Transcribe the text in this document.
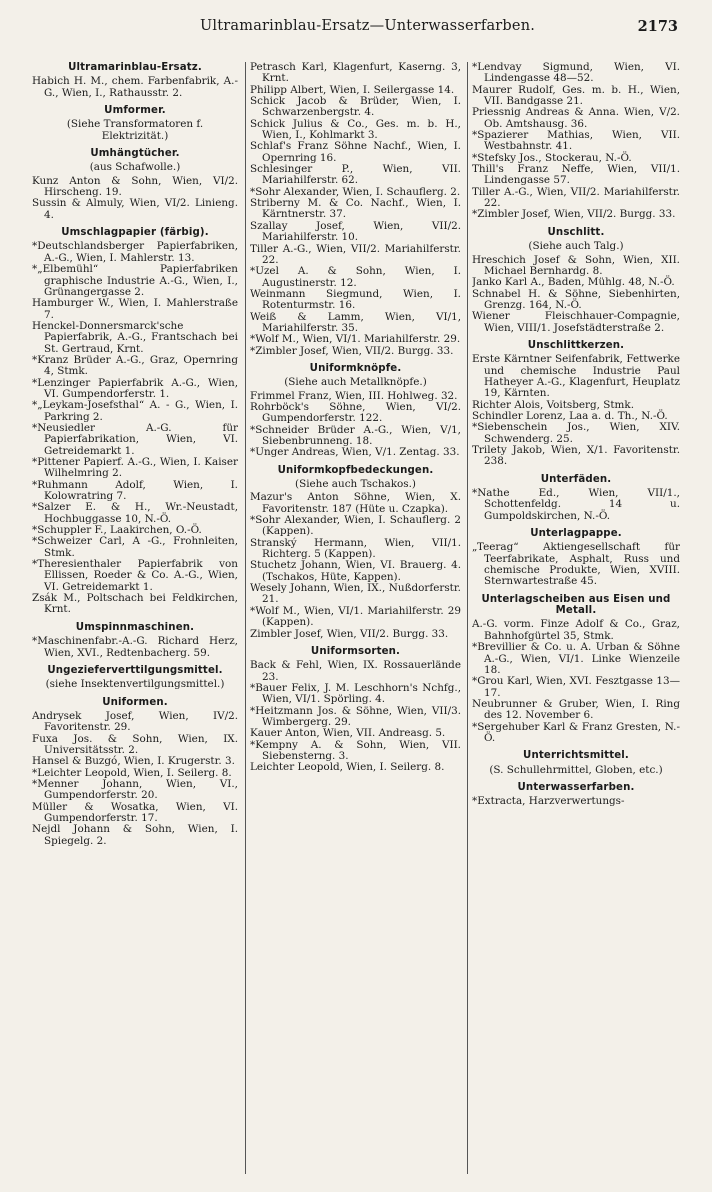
Ultramarinblau-Ersatz—Unterwasserfarben.	2173
Ultramarinblau-Ersatz.
Habich H. M., chem. Farbenfabrik, A.-G., Wien, I., Rathausstr. 2.
Umformer.
(Siehe Transformatoren f. Elektrizität.)
Umhängtücher.
(aus Schafwolle.)
Kunz Anton & Sohn, Wien, VI/2. Hirscheng. 19.
Sussin & Almuly, Wien, VI/2. Linieng. 4.
Umschlagpapier (färbig).
*Deutschlandsberger Papierfabriken, A.-G., Wien, I. Mahlerstr. 13.
*„Elbemühl“ Papierfabriken graphische Industrie A.-G., Wien, I., Grünangergasse 2.
Hamburger W., Wien, I. Mahlerstraße 7.
Henckel-Donnersmarck'sche Papierfabrik, A.-G., Frantschach bei St. Gertraud, Krnt.
*Kranz Brüder A.-G., Graz, Opernring 4, Stmk.
*Lenzinger Papierfabrik A.-G., Wien, VI. Gumpendorferstr. 1.
*„Leykam-Josefsthal“ A. - G., Wien, I. Parkring 2.
*Neusiedler A.-G. für Papierfabrikation, Wien, VI. Getreidemarkt 1.
*Pittener Papierf. A.-G., Wien, I. Kaiser Wilhelmring 2.
*Ruhmann Adolf, Wien, I. Kolowratring 7.
*Salzer E. & H., Wr.-Neustadt, Hochbuggasse 10, N.-Ö.
*Schuppler F., Laakirchen, O.-Ö.
*Schweizer Carl, A -G., Frohnleiten, Stmk.
*Theresienthaler Papierfabrik von Ellissen, Roeder & Co. A.-G., Wien, VI. Getreidemarkt 1.
Zsák M., Poltschach bei Feldkirchen, Krnt.
Umspinnmaschinen.
*Maschinenfabr.-A.-G. Richard Herz, Wien, XVI., Redtenbacherg. 59.
Ungezieferverttilgungsmittel.
(siehe Insektenvertilgungsmittel.)
Uniformen.
Andrysek Josef, Wien, IV/2. Favoritenstr. 29.
Fuxa Jos. & Sohn, Wien, IX. Universitätsstr. 2.
Hansel & Buzgó, Wien, I. Krugerstr. 3.
*Leichter Leopold, Wien, I. Seilerg. 8.
*Menner Johann, Wien, VI., Gumpendorferstr. 20.
Müller & Wosatka, Wien, VI. Gumpendorferstr. 17.
Nejdl Johann & Sohn, Wien, I. Spiegelg. 2.
Petrasch Karl, Klagenfurt, Kaserng. 3, Krnt.
Philipp Albert, Wien, I. Seilergasse 14.
Schick Jacob & Brüder, Wien, I. Schwarzenbergstr. 4.
Schick Julius & Co., Ges. m. b. H., Wien, I., Kohlmarkt 3.
Schlaf's Franz Söhne Nachf., Wien, I. Opernring 16.
Schlesinger P., Wien, VII. Mariahilferstr. 62.
*Sohr Alexander, Wien, I. Schauflerg. 2.
Striberny M. & Co. Nachf., Wien, I. Kärntnerstr. 37.
Szallay Josef, Wien, VII/2. Mariahilferstr. 10.
Tiller A.-G., Wien, VII/2. Mariahilferstr. 22.
*Uzel A. & Sohn, Wien, I. Augustinerstr. 12.
Weinmann Siegmund, Wien, I. Rotenturmstr. 16.
Weiß & Lamm, Wien, VI/1, Mariahilferstr. 35.
*Wolf M., Wien, VI/1. Mariahilferstr. 29.
*Zimbler Josef, Wien, VII/2. Burgg. 33.
Uniformknöpfe.
(Siehe auch Metallknöpfe.)
Frimmel Franz, Wien, III. Hohlweg. 32.
Rohrböck's Söhne, Wien, VI/2. Gumpendorferstr. 122.
*Schneider Brüder A.-G., Wien, V/1, Siebenbrunneng. 18.
*Unger Andreas, Wien, V/1. Zentag. 33.
Uniformkopfbedeckungen.
(Siehe auch Tschakos.)
Mazur's Anton Söhne, Wien, X. Favoritenstr. 187 (Hüte u. Czapka).
*Sohr Alexander, Wien, I. Schauflerg. 2 (Kappen).
Stranský Hermann, Wien, VII/1. Richterg. 5 (Kappen).
Stuchetz Johann, Wien, VI. Brauerg. 4. (Tschakos, Hüte, Kappen).
Wesely Johann, Wien, IX., Nußdorferstr. 21.
*Wolf M., Wien, VI/1. Mariahilferstr. 29 (Kappen).
Zimbler Josef, Wien, VII/2. Burgg. 33.
Uniformsorten.
Back & Fehl, Wien, IX. Rossauerlände 23.
*Bauer Felix, J. M. Leschhorn's Nchfg., Wien, VI/1. Spörling. 4.
*Heitzmann Jos. & Söhne, Wien, VII/3. Wimbergerg. 29.
Kauer Anton, Wien, VII. Andreasg. 5.
*Kempny A. & Sohn, Wien, VII. Siebensterng. 3.
Leichter Leopold, Wien, I. Seilerg. 8.
*Lendvay Sigmund, Wien, VI. Lindengasse 48—52.
Maurer Rudolf, Ges. m. b. H., Wien, VII. Bandgasse 21.
Priessnig Andreas & Anna. Wien, V/2. Ob. Amtshausg. 36.
*Spazierer Mathias, Wien, VII. Westbahnstr. 41.
*Stefsky Jos., Stockerau, N.-Ö.
Thill's Franz Neffe, Wien, VII/1. Lindengasse 57.
Tiller A.-G., Wien, VII/2. Mariahilferstr. 22.
*Zimbler Josef, Wien, VII/2. Burgg. 33.
Unschlitt.
(Siehe auch Talg.)
Hreschich Josef & Sohn, Wien, XII. Michael Bernhardg. 8.
Janko Karl A., Baden, Mühlg. 48, N.-Ö.
Schnabel H. & Söhne, Siebenhirten, Grenzg. 164, N.-Ö.
Wiener Fleischhauer-Compagnie, Wien, VIII/1. Josefstädterstraße 2.
Unschlittkerzen.
Erste Kärntner Seifenfabrik, Fettwerke und chemische Industrie Paul Hatheyer A.-G., Klagenfurt, Heuplatz 19, Kärnten.
Richter Alois, Voitsberg, Stmk.
Schindler Lorenz, Laa a. d. Th., N.-Ö.
*Siebenschein Jos., Wien, XIV. Schwenderg. 25.
Trilety Jakob, Wien, X/1. Favoritenstr. 238.
Unterfäden.
*Nathe Ed., Wien, VII/1., Schottenfeldg. 14 u. Gumpoldskirchen, N.-Ö.
Unterlagpappe.
„Teerag“ Aktiengesellschaft für Teerfabrikate, Asphalt, Russ und chemische Produkte, Wien, XVIII. Sternwartestraße 45.
Unterlagscheiben aus Eisen und Metall.
A.-G. vorm. Finze Adolf & Co., Graz, Bahnhofgürtel 35, Stmk.
*Brevillier & Co. u. A. Urban & Söhne A.-G., Wien, VI/1. Linke Wienzeile 18.
*Grou Karl, Wien, XVI. Fesztgasse 13—17.
Neubrunner & Gruber, Wien, I. Ring des 12. November 6.
*Sergehuber Karl & Franz Gresten, N.-Ö.
Unterrichtsmittel.
(S. Schullehrmittel, Globen, etc.)
Unterwasserfarben.
*Extracta, Harzverwertungs-
